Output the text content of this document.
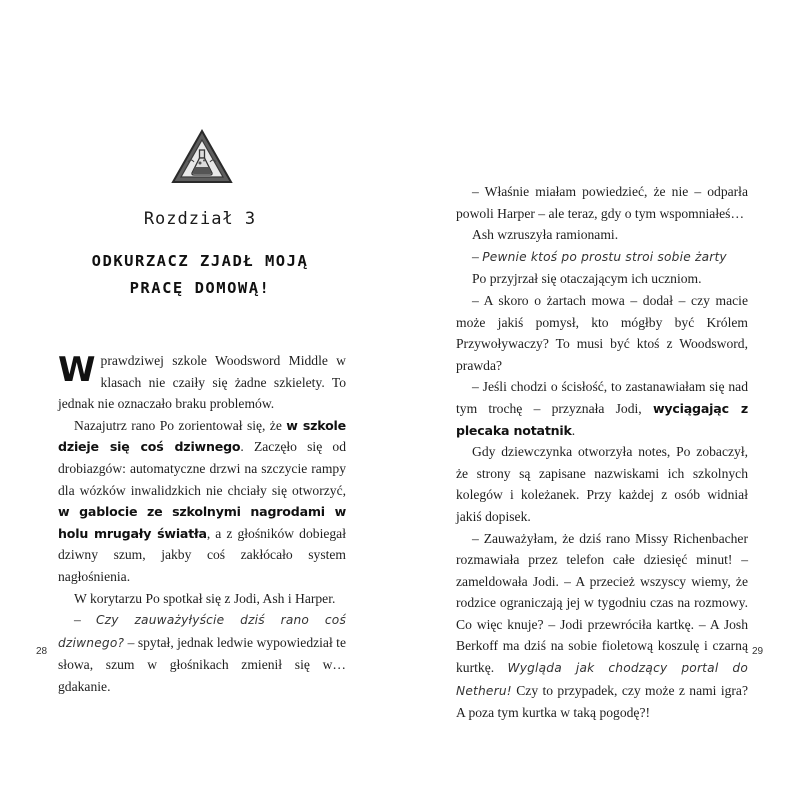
Rozdział 3
ODKURZACZ ZJADŁ MOJĄ
PRACĘ DOMOWĄ!

Wprawdziwej szkole Woodsword Middle w klasach nie czaiły się żadne szkielety. To jednak nie oznaczało braku problemów.

Nazajutrz rano Po zorientował się, że w szkole dzieje się coś dziwnego. Zaczęło się od drobiazgów: automatyczne drzwi na szczycie rampy dla wózków inwalidzkich nie chciały się otworzyć, w gablocie ze szkolnymi nagrodami w holu mrugały światła, a z głośników dobiegał dziwny szum, jakby coś zakłócało system nagłośnienia.

W korytarzu Po spotkał się z Jodi, Ash i Harper.

– Czy zauważyłyście dziś rano coś dziwnego? – spytał, jednak ledwie wypowiedział te słowa, szum w głośnikach zmienił się w… gdakanie.

28

– Właśnie miałam powiedzieć, że nie – odparła powoli Harper – ale teraz, gdy o tym wspomniałeś…

Ash wzruszyła ramionami.

– Pewnie ktoś po prostu stroi sobie żarty

Po przyjrzał się otaczającym ich uczniom.

– A skoro o żartach mowa – dodał – czy macie może jakiś pomysł, kto mógłby być Królem Przywoływaczy? To musi być ktoś z Woodsword, prawda?

– Jeśli chodzi o ścisłość, to zastanawiałam się nad tym trochę – przyznała Jodi, wyciągając z plecaka notatnik.

Gdy dziewczynka otworzyła notes, Po zobaczył, że strony są zapisane nazwiskami ich szkolnych kolegów i koleżanek. Przy każdej z osób widniał jakiś dopisek.

– Zauważyłam, że dziś rano Missy Richenbacher rozmawiała przez telefon całe dziesięć minut! – zameldowała Jodi. – A przecież wszyscy wiemy, że rodzice ograniczają jej w tygodniu czas na rozmowy. Co więc knuje? – Jodi przewróciła kartkę. – A Josh Berkoff ma dziś na sobie fioletową koszulę i czarną kurtkę. Wygląda jak chodzący portal do Netheru! Czy to przypadek, czy może z nami igra? A poza tym kurtka w taką pogodę?!

29
